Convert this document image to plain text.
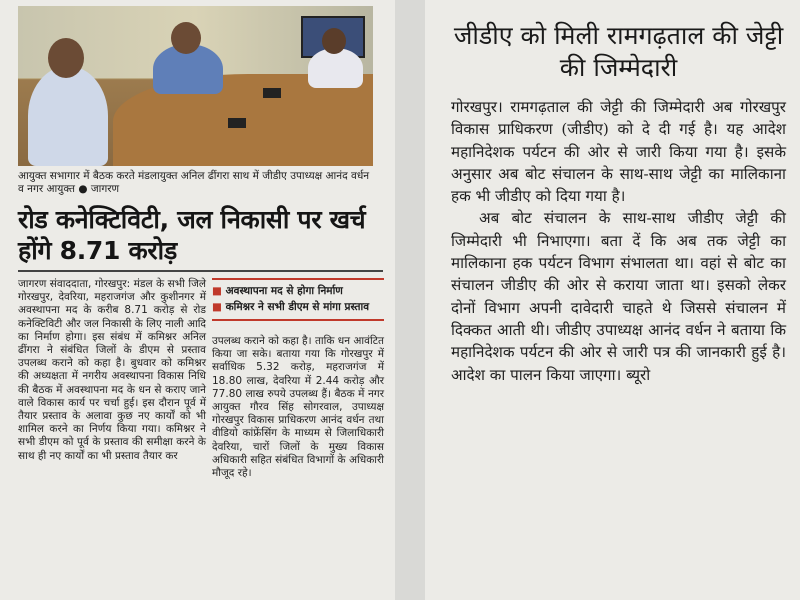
आयुक्त सभागार में बैठक करते मंडलायुक्त अनिल ढींगरा साथ में जीडीए उपाध्यक्ष आनंद वर्धन व नगर आयुक्त ● जागरण
रोड कनेक्टिविटी, जल निकासी पर खर्च होंगे 8.71 करोड़
जागरण संवाददाता, गोरखपुर: मंडल के सभी जिले गोरखपुर, देवरिया, महराजगंज और कुशीनगर में अवस्थापना मद के करीब 8.71 करोड़ से रोड कनेक्टिविटी और जल निकासी के लिए नाली आदि का निर्माण होगा। इस संबंध में कमिश्नर अनिल ढींगरा ने संबंधित जिलों के डीएम से प्रस्ताव उपलब्ध कराने को कहा है। बुधवार को कमिश्नर की अध्यक्षता में नगरीय अवस्थापना विकास निधि की बैठक में अवस्थापना मद के धन से कराए जाने वाले विकास कार्य पर चर्चा हुई। इस दौरान पूर्व में तैयार प्रस्ताव के अलावा कुछ नए कार्यों को भी शामिल करने का निर्णय किया गया। कमिश्नर ने सभी डीएम को पूर्व के प्रस्ताव की समीक्षा करने के साथ ही नए कार्यों का भी प्रस्ताव तैयार कर
■ अवस्थापना मद से होगा निर्माण
■ कमिश्नर ने सभी डीएम से मांगा प्रस्ताव
उपलब्ध कराने को कहा है। ताकि धन आवंटित किया जा सके। बताया गया कि गोरखपुर में सर्वाधिक 5.32 करोड़, महराजगंज में 18.80 लाख, देवरिया में 2.44 करोड़ और 77.80 लाख रुपये उपलब्ध हैं। बैठक में नगर आयुक्त गौरव सिंह सोगरवाल, उपाध्यक्ष गोरखपुर विकास प्राधिकरण आनंद वर्धन तथा वीडियो कांफ्रेंसिंग के माध्यम से जिलाधिकारी देवरिया, चारों जिलों के मुख्य विकास अधिकारी सहित संबंधित विभागों के अधिकारी मौजूद रहे।
जीडीए को मिली रामगढ़ताल की जेट्टी की जिम्मेदारी

गोरखपुर। रामगढ़ताल की जेट्टी की जिम्मेदारी अब गोरखपुर विकास प्राधिकरण (जीडीए) को दे दी गई है। यह आदेश महानिदेशक पर्यटन की ओर से जारी किया गया है। इसके अनुसार अब बोट संचालन के साथ-साथ जेट्टी का मालिकाना हक भी जीडीए को दिया गया है।

अब बोट संचालन के साथ-साथ जीडीए जेट्टी की जिम्मेदारी भी निभाएगा। बता दें कि अब तक जेट्टी का मालिकाना हक पर्यटन विभाग संभालता था। वहां से बोट का संचालन जीडीए की ओर से कराया जाता था। इसको लेकर दोनों विभाग अपनी दावेदारी चाहते थे जिससे संचालन में दिक्कत आती थी। जीडीए उपाध्यक्ष आनंद वर्धन ने बताया कि महानिदेशक पर्यटन की ओर से जारी पत्र की जानकारी हुई है। आदेश का पालन किया जाएगा। ब्यूरो
